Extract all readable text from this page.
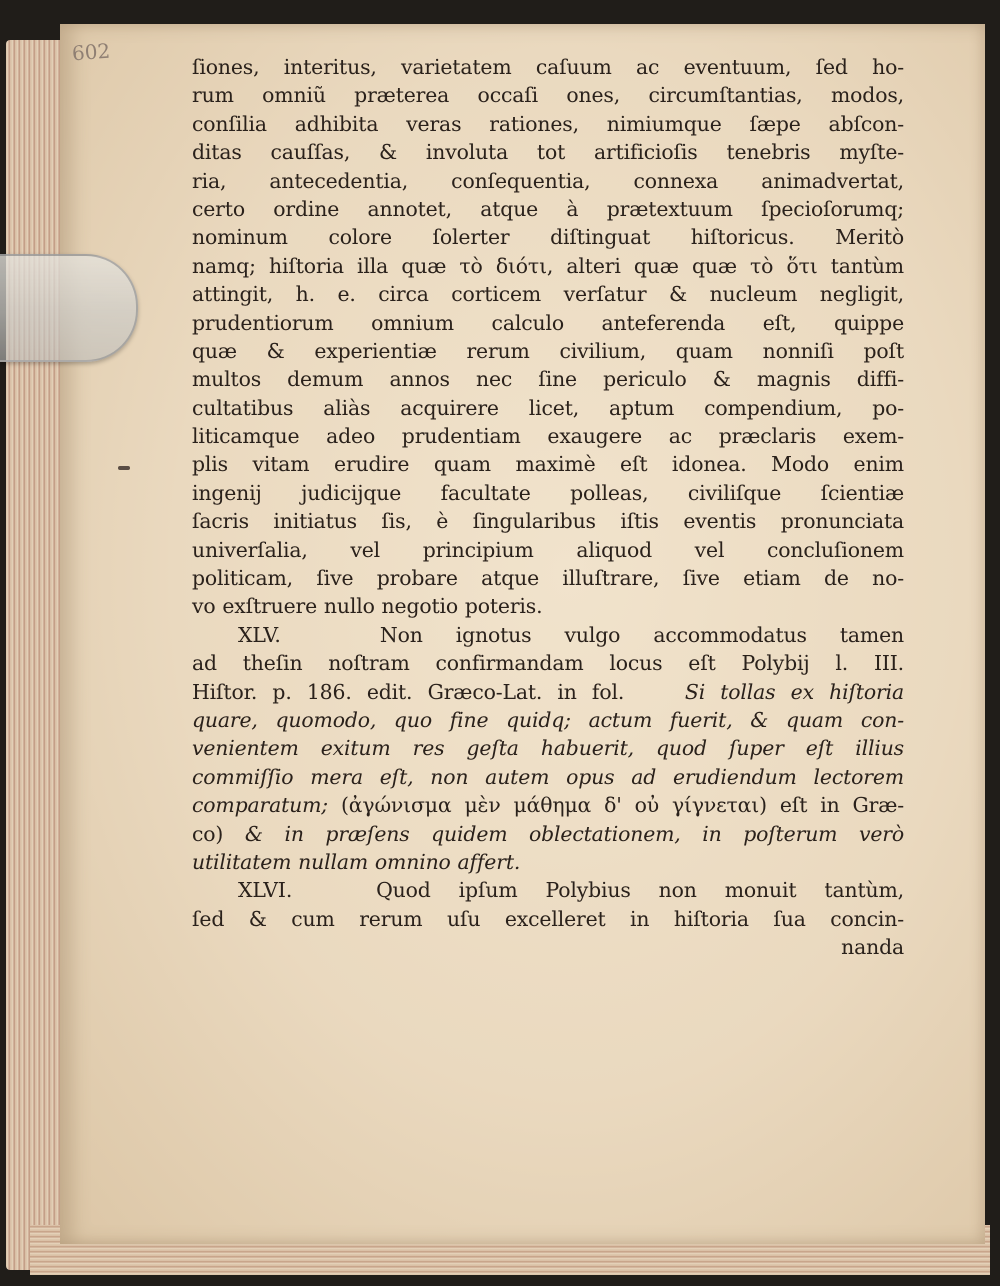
602
ſiones, interitus, varietatem caſuum ac eventuum, ſed ho-
rum omniũ præterea occaſi ones, circumſtantias, modos,
conſilia adhibita veras rationes, nimiumque ſæpe abſcon-
ditas cauſſas, & involuta tot artificioſis tenebris myſte-
ria, antecedentia, conſequentia, connexa animadvertat,
certo ordine annotet, atque à prætextuum ſpecioſorumq;
nominum colore ſolerter diſtinguat hiſtoricus. Meritò
namq; hiſtoria illa quæ τὸ διότι, alteri quæ quæ τὸ ὅτι tantùm
attingit, h. e. circa corticem verſatur & nucleum negligit,
prudentiorum omnium calculo anteferenda eſt, quippe
quæ & experientiæ rerum civilium, quam nonniſi poſt
multos demum annos nec ſine periculo & magnis diffi-
cultatibus aliàs acquirere licet, aptum compendium, po-
liticamque adeo prudentiam exaugere ac præclaris exem-
plis vitam erudire quam maximè eſt idonea. Modo enim
ingenij judicijque facultate polleas, civiliſque ſcientiæ
ſacris initiatus ſis, è ſingularibus iſtis eventis pronunciata
univerſalia, vel principium aliquod vel concluſionem
politicam, ſive probare atque illuſtrare, ſive etiam de no-
vo exſtruere nullo negotio poteris.
XLV.	Non ignotus vulgo accommodatus tamen
ad theſin noſtram confirmandam locus eſt Polybij l. III.
Hiſtor. p. 186. edit. Græco-Lat. in fol.	Si tollas ex hiſtoria
quare, quomodo, quo fine quidq; actum fuerit, & quam con-
venientem exitum res geſta habuerit, quod ſuper eſt illius
commiſſio mera eſt, non autem opus ad erudiendum lectorem
comparatum; (ἀγώνισμα μὲν μάθημα δ' οὐ γίγνεται) eſt in Græ-
co) & in præſens quidem oblectationem, in poſterum verò
utilitatem nullam omnino affert.
XLVI.	Quod ipſum Polybius non monuit tantùm,
ſed & cum rerum uſu excelleret in hiſtoria ſua concin-
nanda
